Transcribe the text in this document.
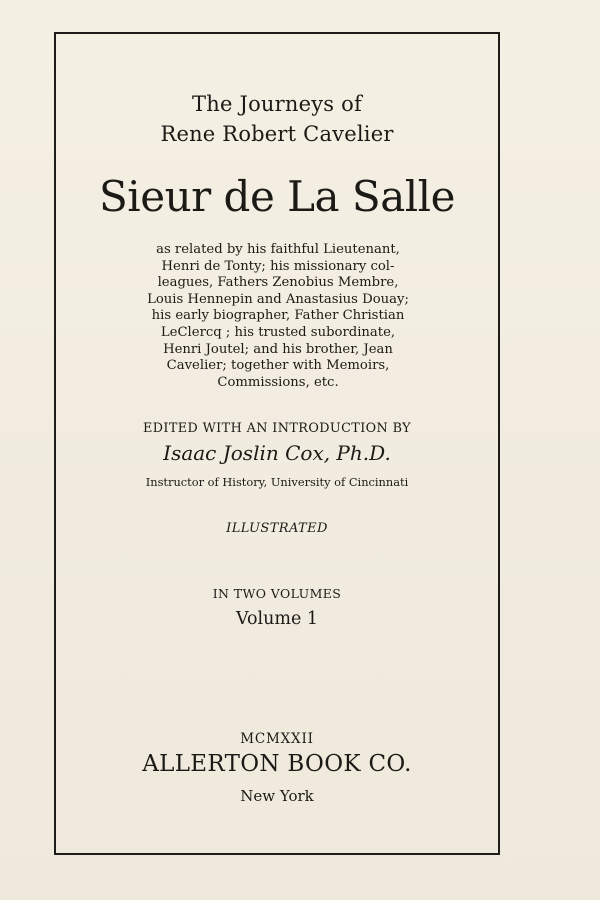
The Journeys of
Rene Robert Cavelier
Sieur de La Salle
as related by his faithful Lieutenant,
Henri de Tonty; his missionary col-
leagues, Fathers Zenobius Membre,
Louis Hennepin and Anastasius Douay;
his early biographer, Father Christian
LeClercq ; his trusted subordinate,
Henri Joutel; and his brother, Jean
Cavelier; together with Memoirs,
Commissions, etc.
EDITED WITH AN INTRODUCTION BY
Isaac Joslin Cox, Ph.D.
Instructor of History, University of Cincinnati
ILLUSTRATED
IN TWO VOLUMES
Volume 1
MCMXXII
ALLERTON BOOK CO.
New York
